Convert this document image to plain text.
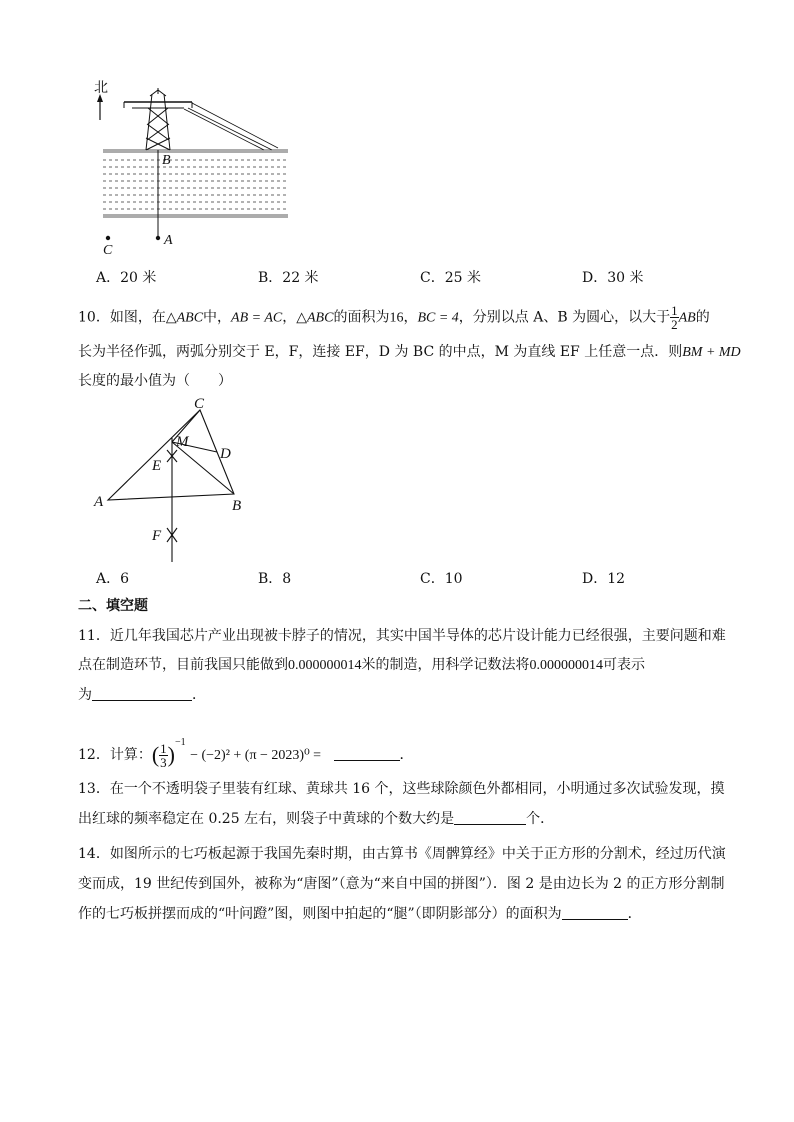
北
B
A
C
A．20 米	B．22 米	C．25 米	D．30 米
10．如图，在△ABC中，AB = AC，△ABC的面积为16，BC = 4，分别以点 A、B 为圆心，以大于 $\frac{1}{2}$ AB的
长为半径作弧，两弧分别交于 E，F，连接 EF，D 为 BC 的中点，M 为直线 EF 上任意一点．则BM + MD
长度的最小值为（　　）
C
M
D
E
A	B
F
A．6	B．8	C．10	D．12
二、填空题
11．近几年我国芯片产业出现被卡脖子的情况，其实中国半导体的芯片设计能力已经很强，主要问题和难
点在制造环节，目前我国只能做到0.000000014米的制造，用科学记数法将0.000000014可表示
为	．
12．计算：( $\frac{1}{3} )^{-1} - (-2)^2 + (\pi - 2023)^0$ =	．
13．在一个不透明袋子里装有红球、黄球共 16 个，这些球除颜色外都相同，小明通过多次试验发现，摸
出红球的频率稳定在 0.25 左右，则袋子中黄球的个数大约是	个．
14．如图所示的七巧板起源于我国先秦时期，由古算书《周髀算经》中关于正方形的分割术，经过历代演
变而成，19 世纪传到国外，被称为“唐图”（意为“来自中国的拼图”）．图 2 是由边长为 2 的正方形分割制
作的七巧板拼摆而成的“叶问蹬”图，则图中拍起的“腿”（即阴影部分）的面积为	．
